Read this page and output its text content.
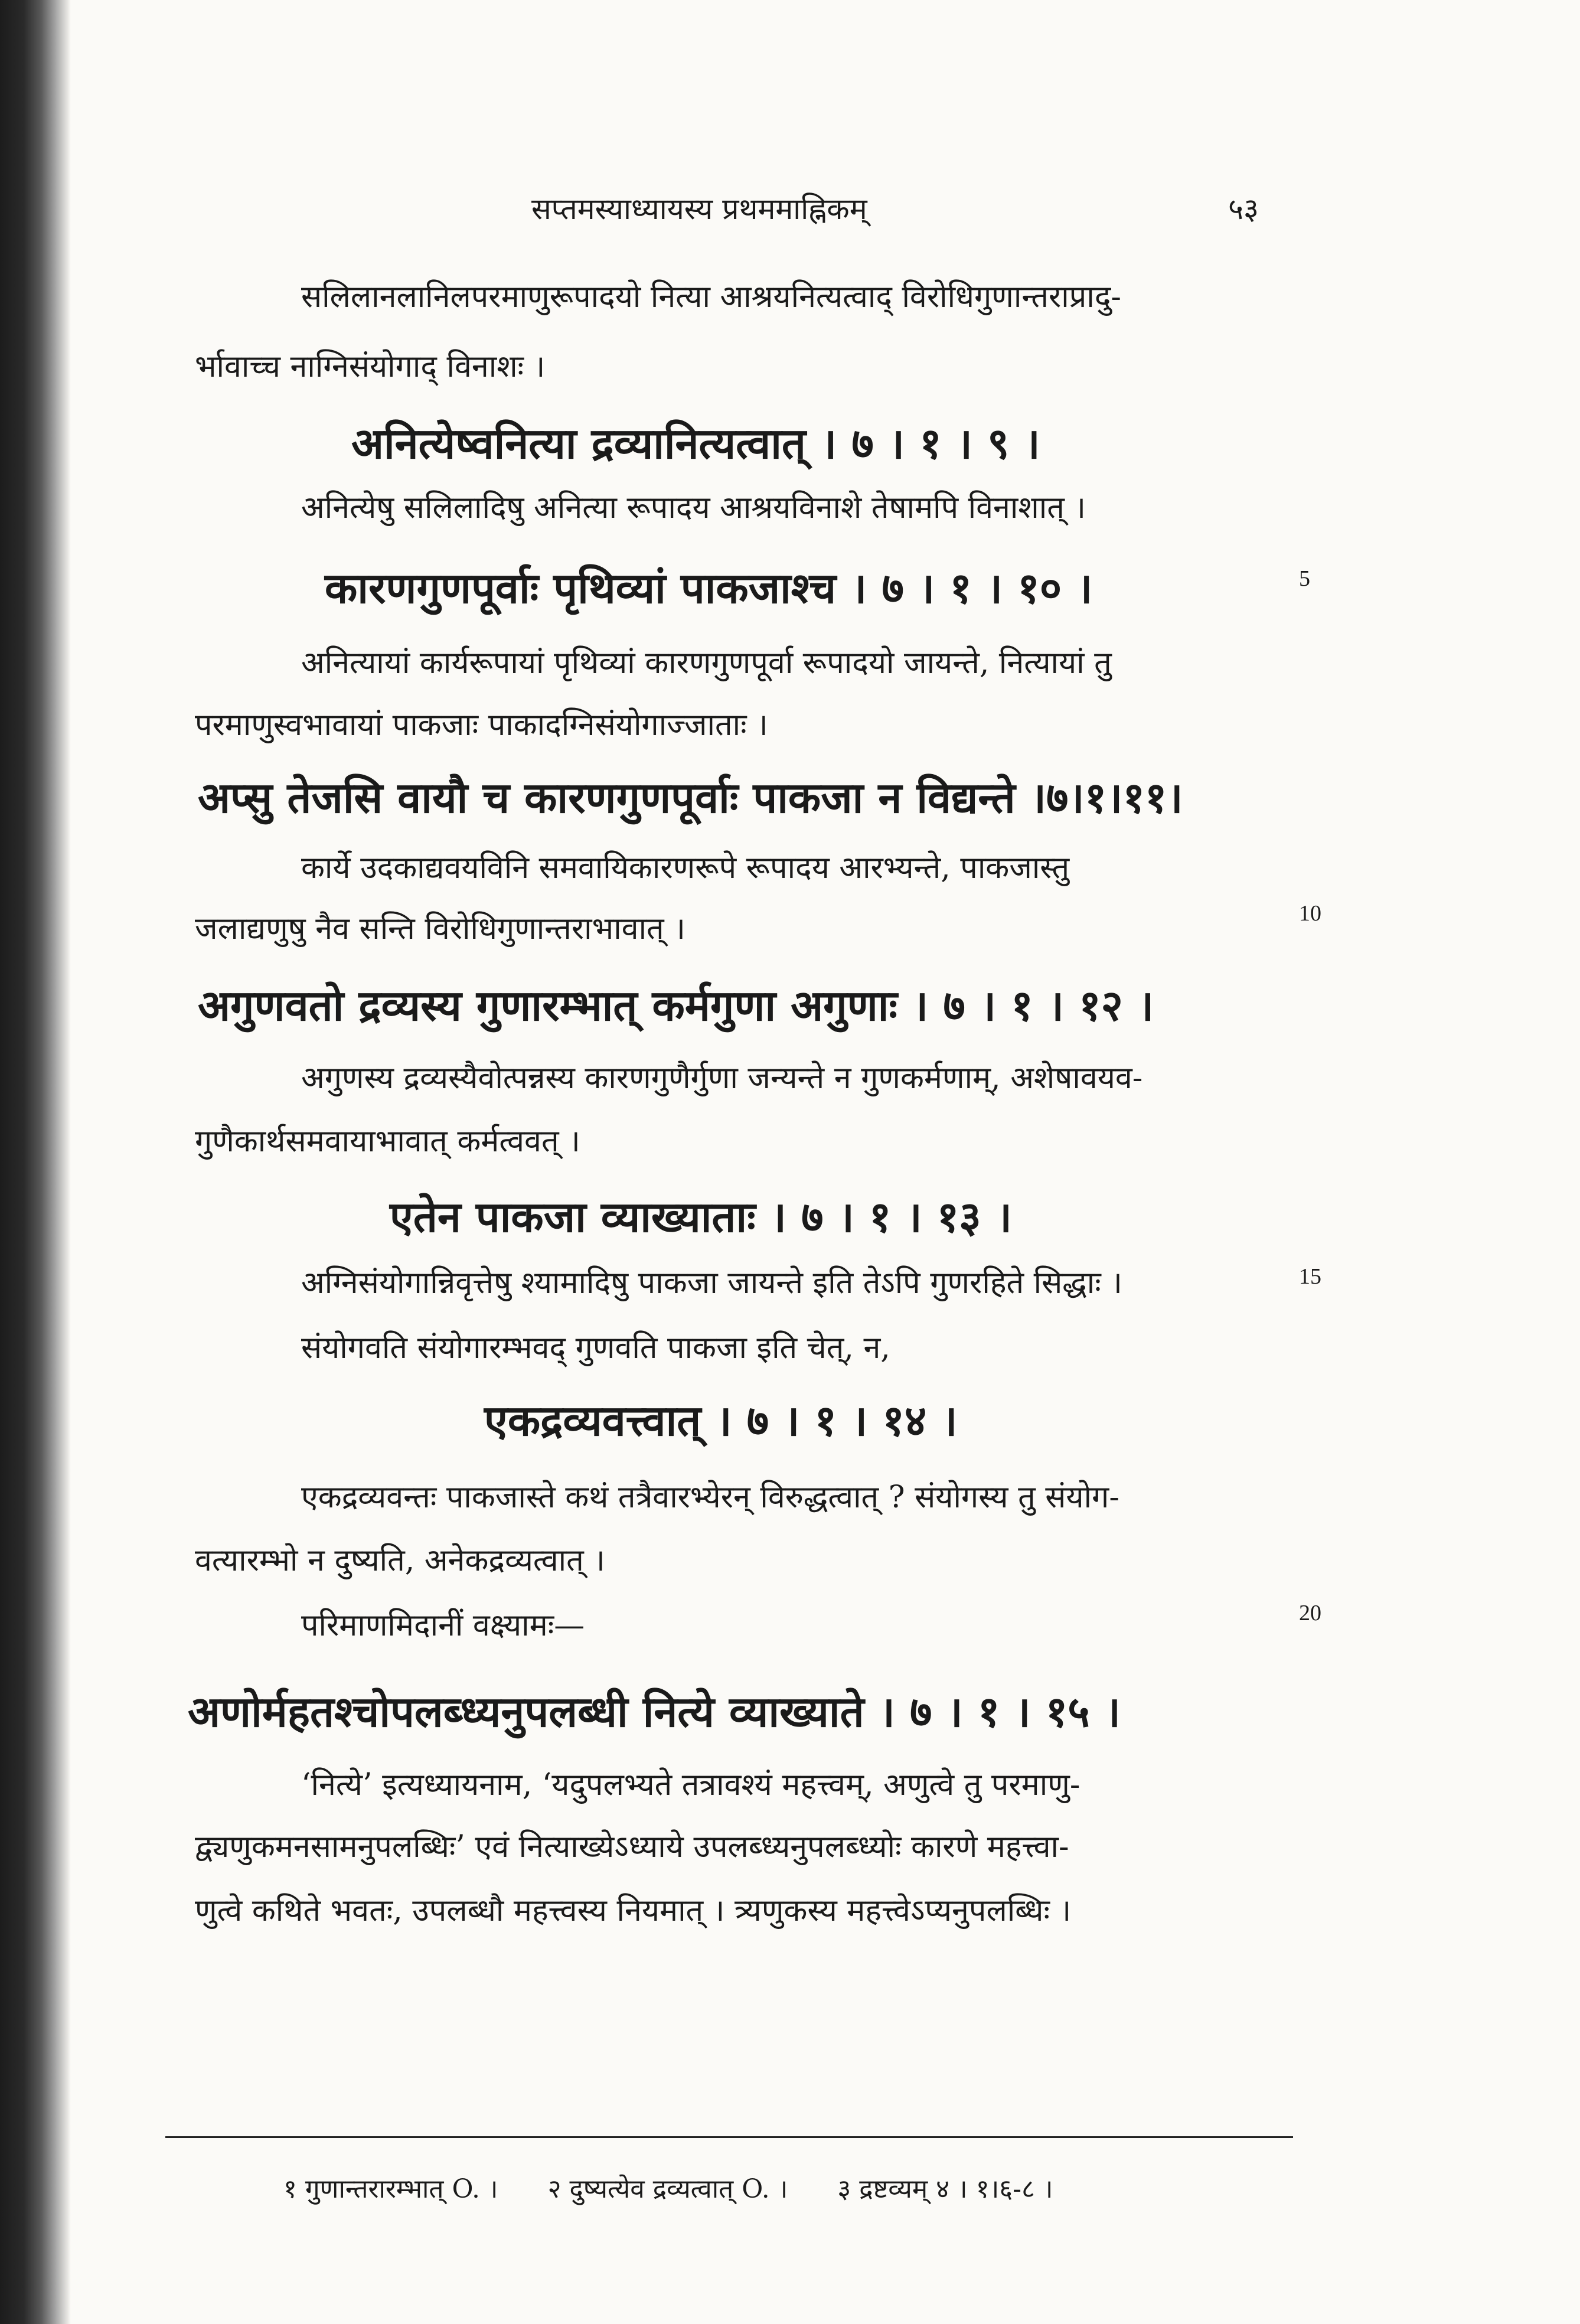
सप्तमस्याध्यायस्य प्रथममाह्निकम्	५३
सलिलानलानिलपरमाणुरूपादयो नित्या आश्रयनित्यत्वाद् विरोधिगुणान्तराप्रादु-
र्भावाच्च नाग्निसंयोगाद् विनाशः ।
अनित्येष्वनित्या द्रव्यानित्यत्वात् । ७ । १ । ९ ।
अनित्येषु सलिलादिषु अनित्या रूपादय आश्रयविनाशे तेषामपि विनाशात् ।
कारणगुणपूर्वाः पृथिव्यां पाकजाश्च । ७ । १ । १० ।
अनित्यायां कार्यरूपायां पृथिव्यां कारणगुणपूर्वा रूपादयो जायन्ते, नित्यायां तु
परमाणुस्वभावायां पाकजाः पाकादग्निसंयोगाज्जाताः ।
अप्सु तेजसि वायौ च कारणगुणपूर्वाः पाकजा न विद्यन्ते ।७।१।११।
कार्ये उदकाद्यवयविनि समवायिकारणरूपे रूपादय आरभ्यन्ते, पाकजास्तु
जलाद्यणुषु नैव सन्ति विरोधिगुणान्तराभावात् ।
अगुणवतो द्रव्यस्य गुणारम्भात् कर्मगुणा अगुणाः । ७ । १ । १२ ।
अगुणस्य द्रव्यस्यैवोत्पन्नस्य कारणगुणैर्गुणा जन्यन्ते न गुणकर्मणाम्, अशेषावयव-
गुणैकार्थसमवायाभावात् कर्मत्ववत् ।
एतेन पाकजा व्याख्याताः । ७ । १ । १३ ।
अग्निसंयोगान्निवृत्तेषु श्यामादिषु पाकजा जायन्ते इति तेऽपि गुणरहिते सिद्धाः ।
संयोगवति संयोगारम्भवद् गुणवति पाकजा इति चेत्, न,
एकद्रव्यवत्त्वात् । ७ । १ । १४ ।
एकद्रव्यवन्तः पाकजास्ते कथं तत्रैवारभ्येरन् विरुद्धत्वात् ? संयोगस्य तु संयोग-
वत्यारम्भो न दुष्यति, अनेकद्रव्यत्वात् ।
परिमाणमिदानीं वक्ष्यामः—
अणोर्महतश्चोपलब्ध्यनुपलब्धी नित्ये व्याख्याते । ७ । १ । १५ ।
‘नित्ये’ इत्यध्यायनाम, ‘यदुपलभ्यते तत्रावश्यं महत्त्वम्, अणुत्वे तु परमाणु-
द्व्यणुकमनसामनुपलब्धिः’ एवं नित्याख्येऽध्याये उपलब्ध्यनुपलब्ध्योः कारणे महत्त्वा-
णुत्वे कथिते भवतः, उपलब्धौ महत्त्वस्य नियमात् । त्र्यणुकस्य महत्त्वेऽप्यनुपलब्धिः ।
5
10
15
20
१ गुणान्तरारम्भात् O. । २ दुष्यत्येव द्रव्यत्वात् O. । ३ द्रष्टव्यम् ४ । १।६-८ ।
